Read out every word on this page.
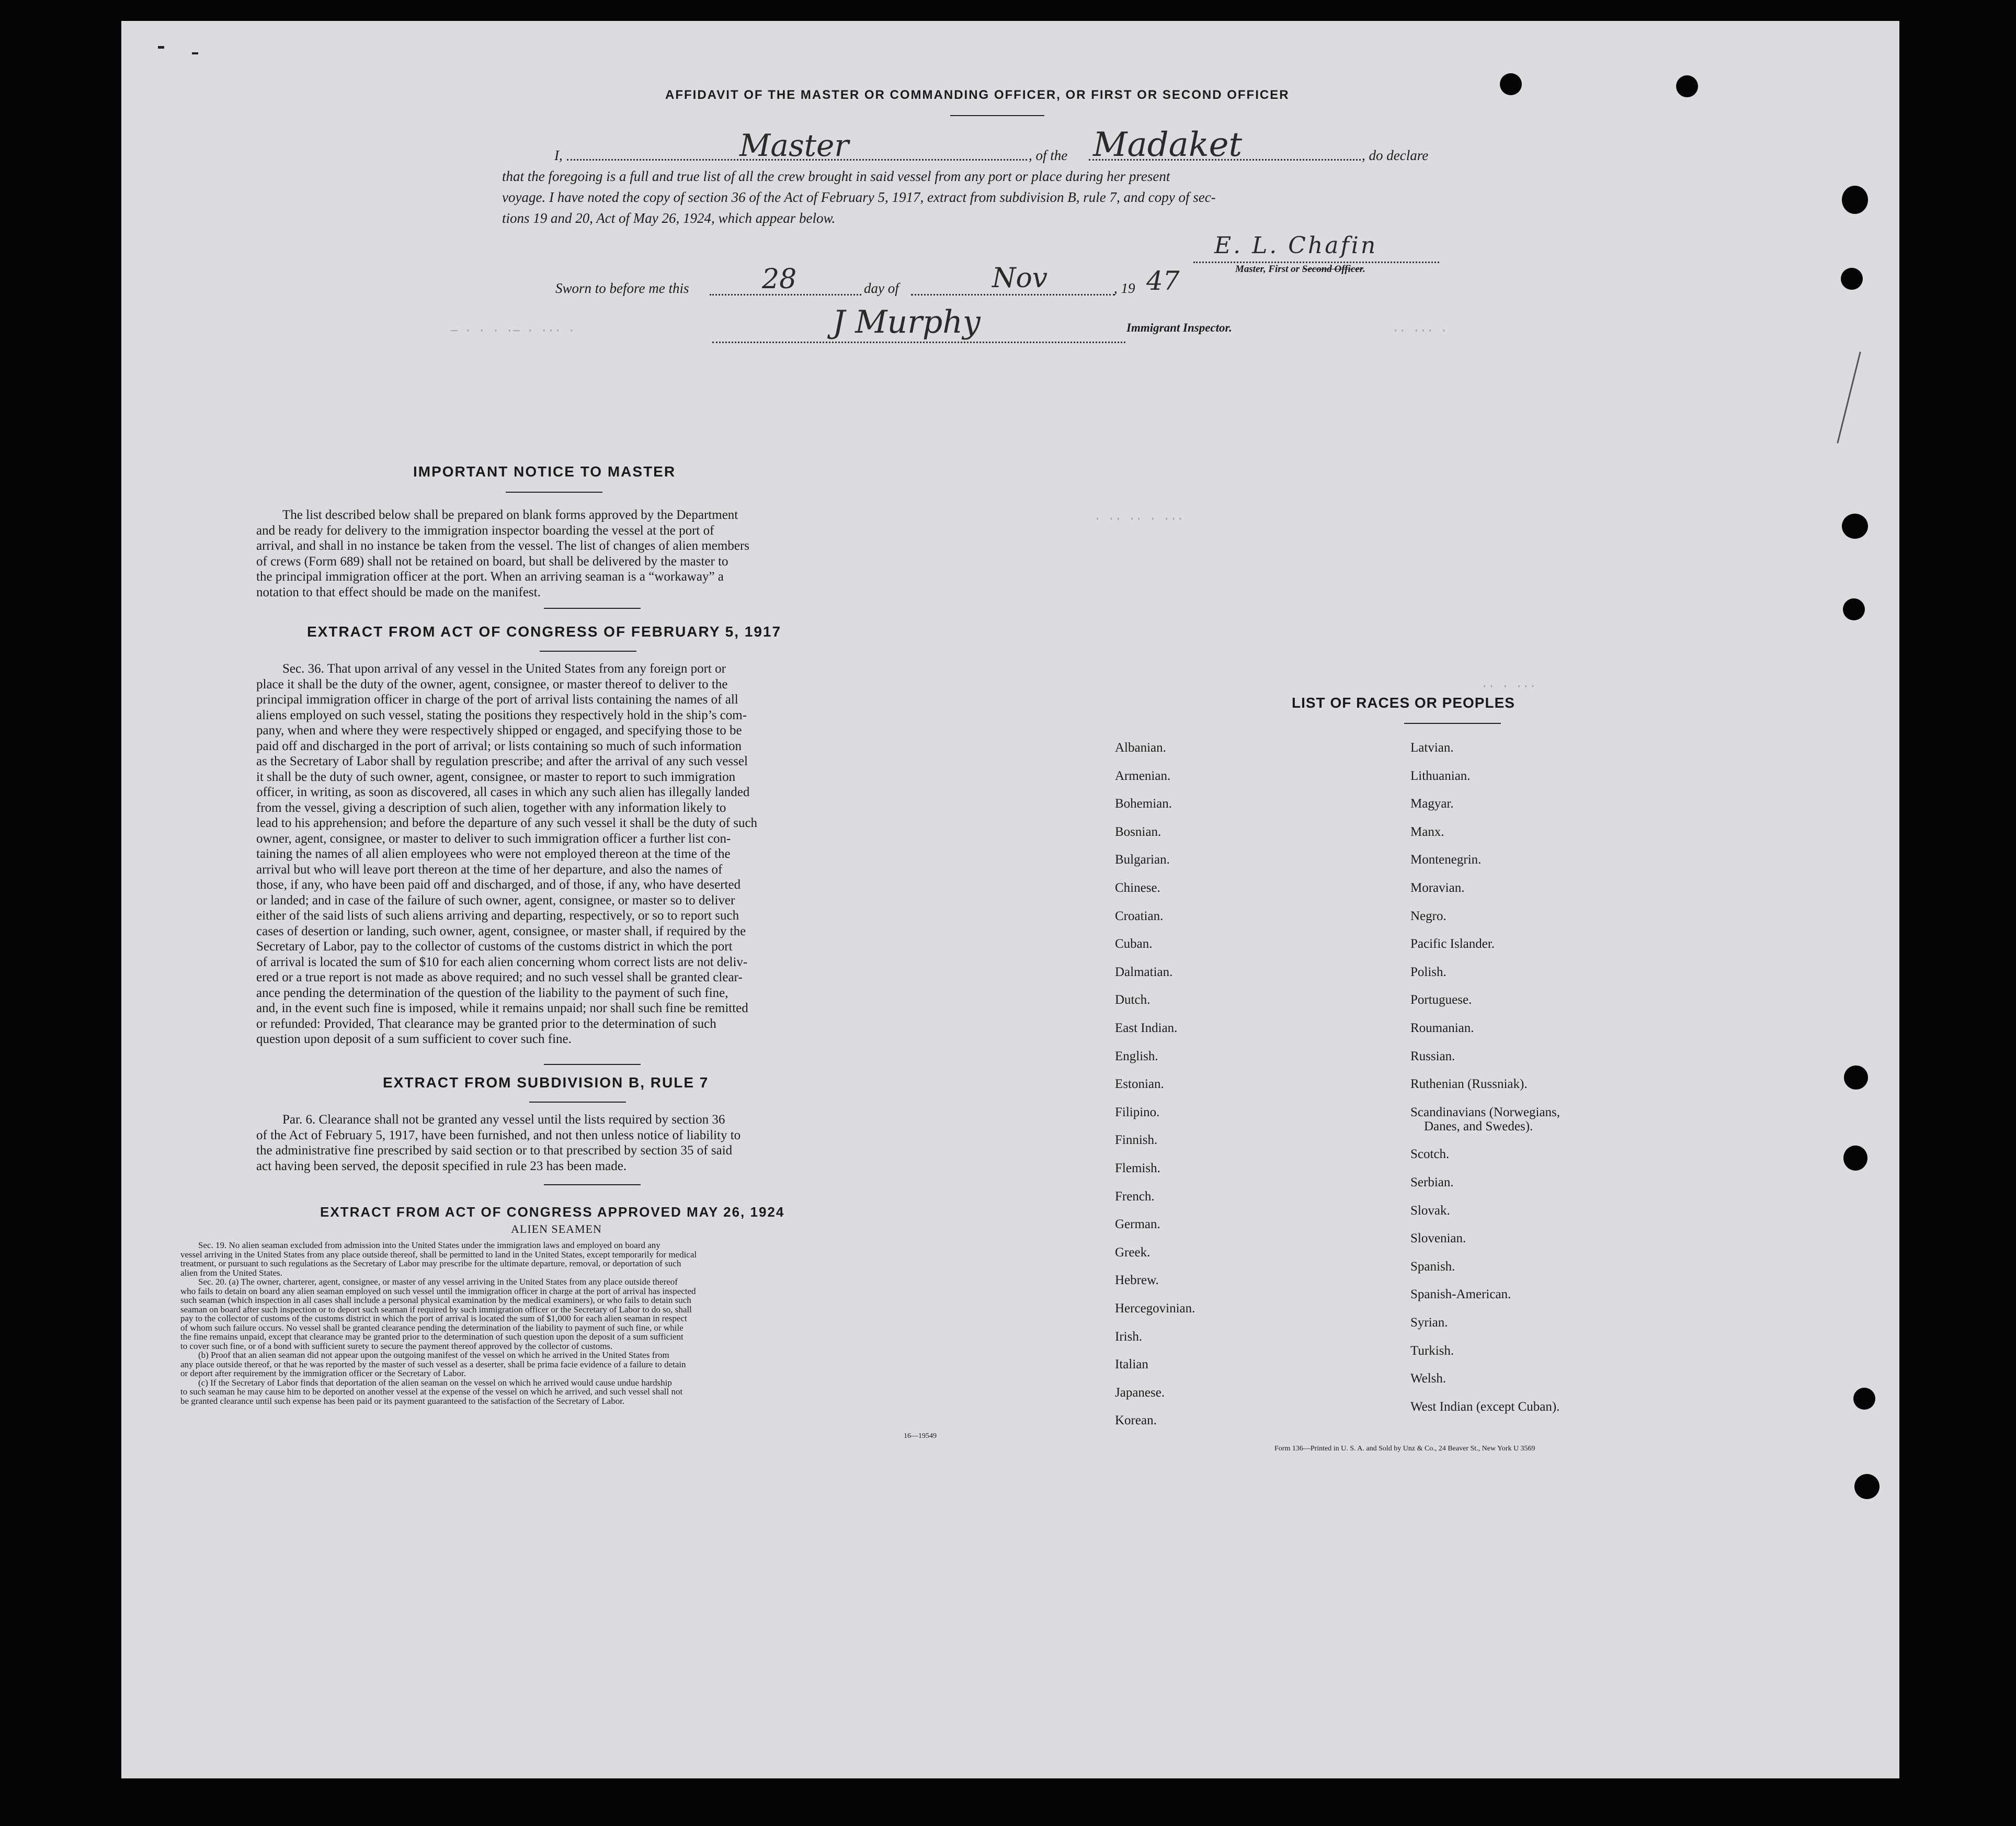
— · · · ·— · ··· ·	·· ··· ·
· ·· ·· · ···
·· · ···
AFFIDAVIT OF THE MASTER OR COMMANDING OFFICER, OR FIRST OR SECOND OFFICER
I,	Master	, of the Madaket	, do declare
that the foregoing is a full and true list of all the crew brought in said vessel from any port or place during her present
voyage. I have noted the copy of section 36 of the Act of February 5, 1917, extract from subdivision B, rule 7, and copy of sec-
tions 19 and 20, Act of May 26, 1924, which appear below.
E. L. Chafin
Master, First or Second Officer.
Sworn to before me this	28	day of	Nov	, 19 47
J Murphy	Immigrant Inspector.
IMPORTANT NOTICE TO MASTER
The list described below shall be prepared on blank forms approved by the Department
and be ready for delivery to the immigration inspector boarding the vessel at the port of
arrival, and shall in no instance be taken from the vessel. The list of changes of alien members
of crews (Form 689) shall not be retained on board, but shall be delivered by the master to
the principal immigration officer at the port. When an arriving seaman is a “workaway” a
notation to that effect should be made on the manifest.
EXTRACT FROM ACT OF CONGRESS OF FEBRUARY 5, 1917
Sec. 36. That upon arrival of any vessel in the United States from any foreign port or
place it shall be the duty of the owner, agent, consignee, or master thereof to deliver to the
principal immigration officer in charge of the port of arrival lists containing the names of all
aliens employed on such vessel, stating the positions they respectively hold in the ship’s com-
pany, when and where they were respectively shipped or engaged, and specifying those to be
paid off and discharged in the port of arrival; or lists containing so much of such information
as the Secretary of Labor shall by regulation prescribe; and after the arrival of any such vessel
it shall be the duty of such owner, agent, consignee, or master to report to such immigration
officer, in writing, as soon as discovered, all cases in which any such alien has illegally landed
from the vessel, giving a description of such alien, together with any information likely to
lead to his apprehension; and before the departure of any such vessel it shall be the duty of such
owner, agent, consignee, or master to deliver to such immigration officer a further list con-
taining the names of all alien employees who were not employed thereon at the time of the
arrival but who will leave port thereon at the time of her departure, and also the names of
those, if any, who have been paid off and discharged, and of those, if any, who have deserted
or landed; and in case of the failure of such owner, agent, consignee, or master so to deliver
either of the said lists of such aliens arriving and departing, respectively, or so to report such
cases of desertion or landing, such owner, agent, consignee, or master shall, if required by the
Secretary of Labor, pay to the collector of customs of the customs district in which the port
of arrival is located the sum of $10 for each alien concerning whom correct lists are not deliv-
ered or a true report is not made as above required; and no such vessel shall be granted clear-
ance pending the determination of the question of the liability to the payment of such fine,
and, in the event such fine is imposed, while it remains unpaid; nor shall such fine be remitted
or refunded: Provided, That clearance may be granted prior to the determination of such
question upon deposit of a sum sufficient to cover such fine.
EXTRACT FROM SUBDIVISION B, RULE 7
Par. 6. Clearance shall not be granted any vessel until the lists required by section 36
of the Act of February 5, 1917, have been furnished, and not then unless notice of liability to
the administrative fine prescribed by said section or to that prescribed by section 35 of said
act having been served, the deposit specified in rule 23 has been made.
EXTRACT FROM ACT OF CONGRESS APPROVED MAY 26, 1924
ALIEN SEAMEN
Sec. 19. No alien seaman excluded from admission into the United States under the immigration laws and employed on board any
vessel arriving in the United States from any place outside thereof, shall be permitted to land in the United States, except temporarily for medical
treatment, or pursuant to such regulations as the Secretary of Labor may prescribe for the ultimate departure, removal, or deportation of such
alien from the United States.
Sec. 20. (a) The owner, charterer, agent, consignee, or master of any vessel arriving in the United States from any place outside thereof
who fails to detain on board any alien seaman employed on such vessel until the immigration officer in charge at the port of arrival has inspected
such seaman (which inspection in all cases shall include a personal physical examination by the medical examiners), or who fails to detain such
seaman on board after such inspection or to deport such seaman if required by such immigration officer or the Secretary of Labor to do so, shall
pay to the collector of customs of the customs district in which the port of arrival is located the sum of $1,000 for each alien seaman in respect
of whom such failure occurs. No vessel shall be granted clearance pending the determination of the liability to payment of such fine, or while
the fine remains unpaid, except that clearance may be granted prior to the determination of such question upon the deposit of a sum sufficient
to cover such fine, or of a bond with sufficient surety to secure the payment thereof approved by the collector of customs.
(b) Proof that an alien seaman did not appear upon the outgoing manifest of the vessel on which he arrived in the United States from
any place outside thereof, or that he was reported by the master of such vessel as a deserter, shall be prima facie evidence of a failure to detain
or deport after requirement by the immigration officer or the Secretary of Labor.
(c) If the Secretary of Labor finds that deportation of the alien seaman on the vessel on which he arrived would cause undue hardship
to such seaman he may cause him to be deported on another vessel at the expense of the vessel on which he arrived, and such vessel shall not
be granted clearance until such expense has been paid or its payment guaranteed to the satisfaction of the Secretary of Labor.
16—19549
LIST OF RACES OR PEOPLES
Albanian.
Armenian.
Bohemian.
Bosnian.
Bulgarian.
Chinese.
Croatian.
Cuban.
Dalmatian.
Dutch.
East Indian.
English.
Estonian.
Filipino.
Finnish.
Flemish.
French.
German.
Greek.
Hebrew.
Hercegovinian.
Irish.
Italian
Japanese.
Korean.
Latvian.
Lithuanian.
Magyar.
Manx.
Montenegrin.
Moravian.
Negro.
Pacific Islander.
Polish.
Portuguese.
Roumanian.
Russian.
Ruthenian (Russniak).
Scandinavians (Norwegians,
Danes, and Swedes).
Scotch.
Serbian.
Slovak.
Slovenian.
Spanish.
Spanish-American.
Syrian.
Turkish.
Welsh.
West Indian (except Cuban).
Form 136—Printed in U. S. A. and Sold by Unz & Co., 24 Beaver St., New York U 3569
